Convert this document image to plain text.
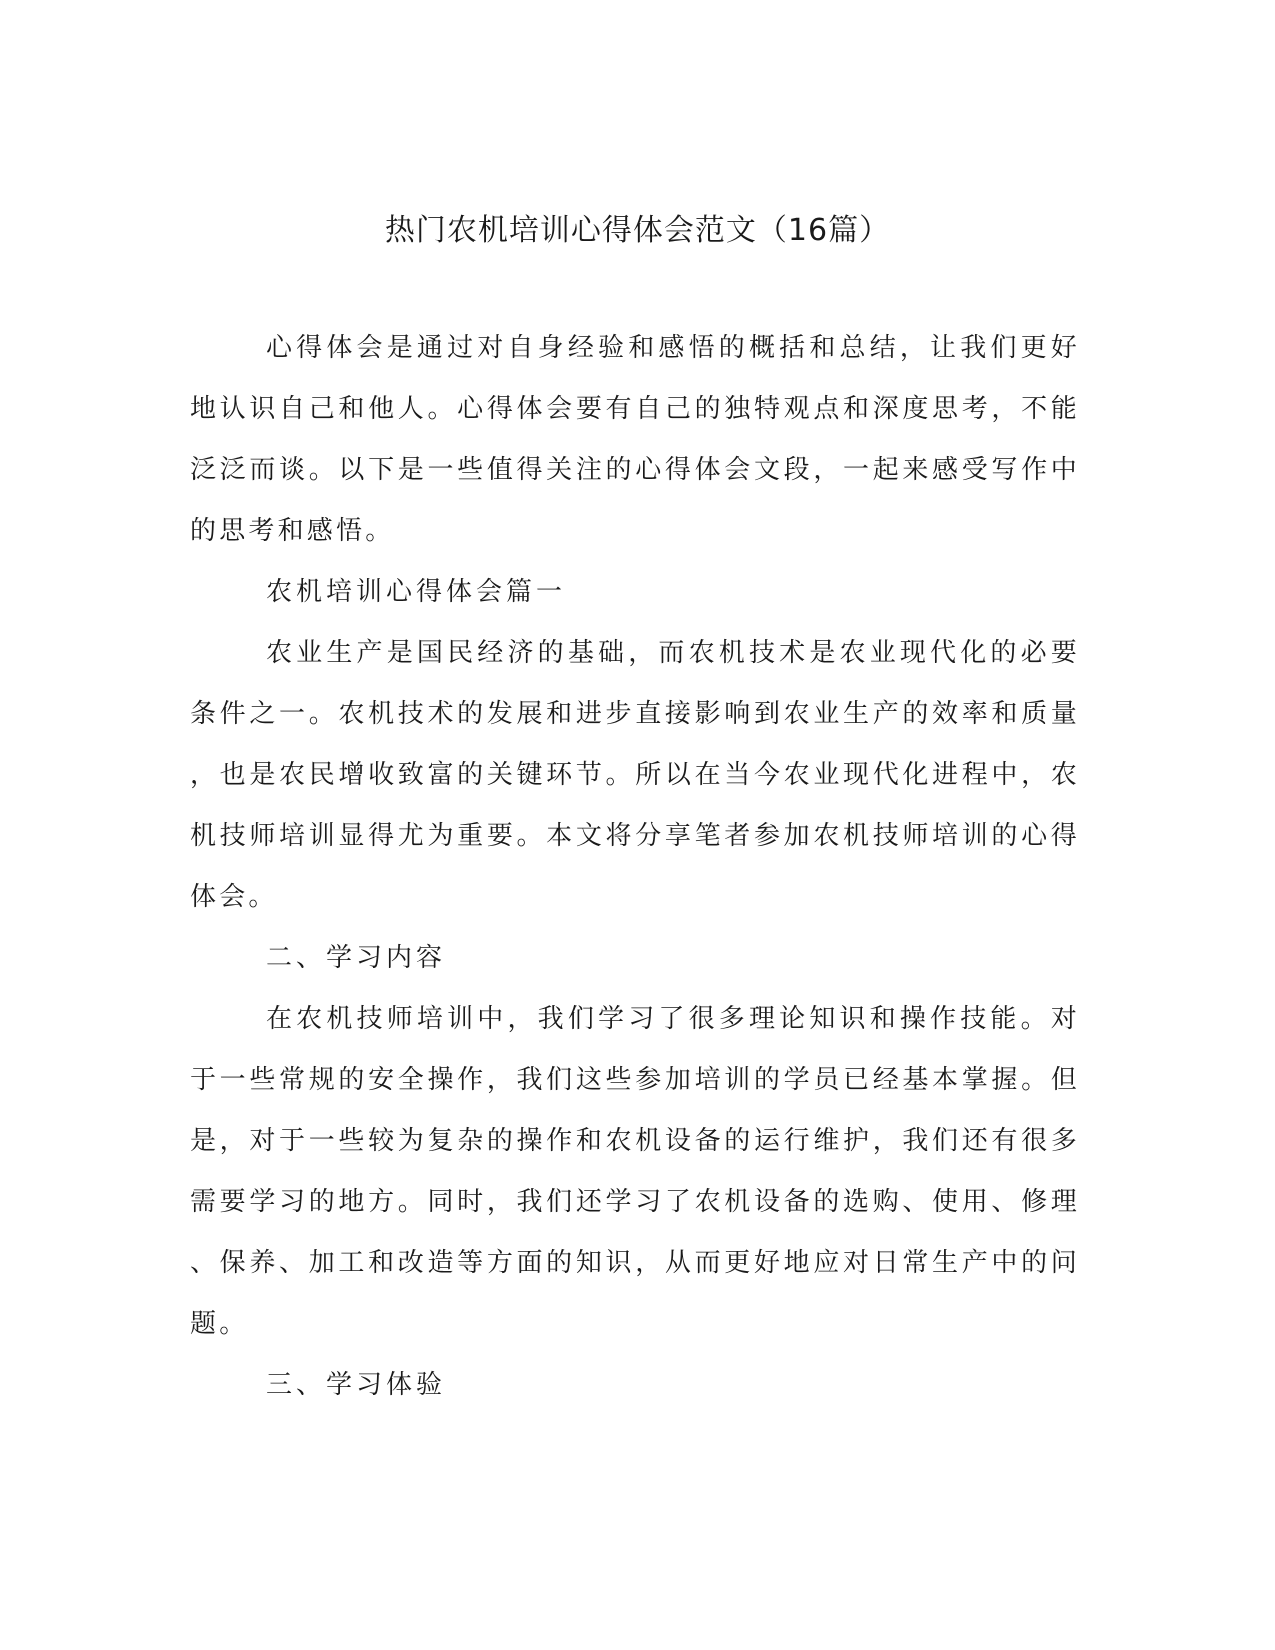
热门农机培训心得体会范文（16篇）

心得体会是通过对自身经验和感悟的概括和总结，让我们更好地认识自己和他人。心得体会要有自己的独特观点和深度思考，不能泛泛而谈。以下是一些值得关注的心得体会文段，一起来感受写作中的思考和感悟。

农机培训心得体会篇一

农业生产是国民经济的基础，而农机技术是农业现代化的必要条件之一。农机技术的发展和进步直接影响到农业生产的效率和质量，也是农民增收致富的关键环节。所以在当今农业现代化进程中，农机技师培训显得尤为重要。本文将分享笔者参加农机技师培训的心得体会。

二、学习内容

在农机技师培训中，我们学习了很多理论知识和操作技能。对于一些常规的安全操作，我们这些参加培训的学员已经基本掌握。但是，对于一些较为复杂的操作和农机设备的运行维护，我们还有很多需要学习的地方。同时，我们还学习了农机设备的选购、使用、修理、保养、加工和改造等方面的知识，从而更好地应对日常生产中的问题。

三、学习体验
